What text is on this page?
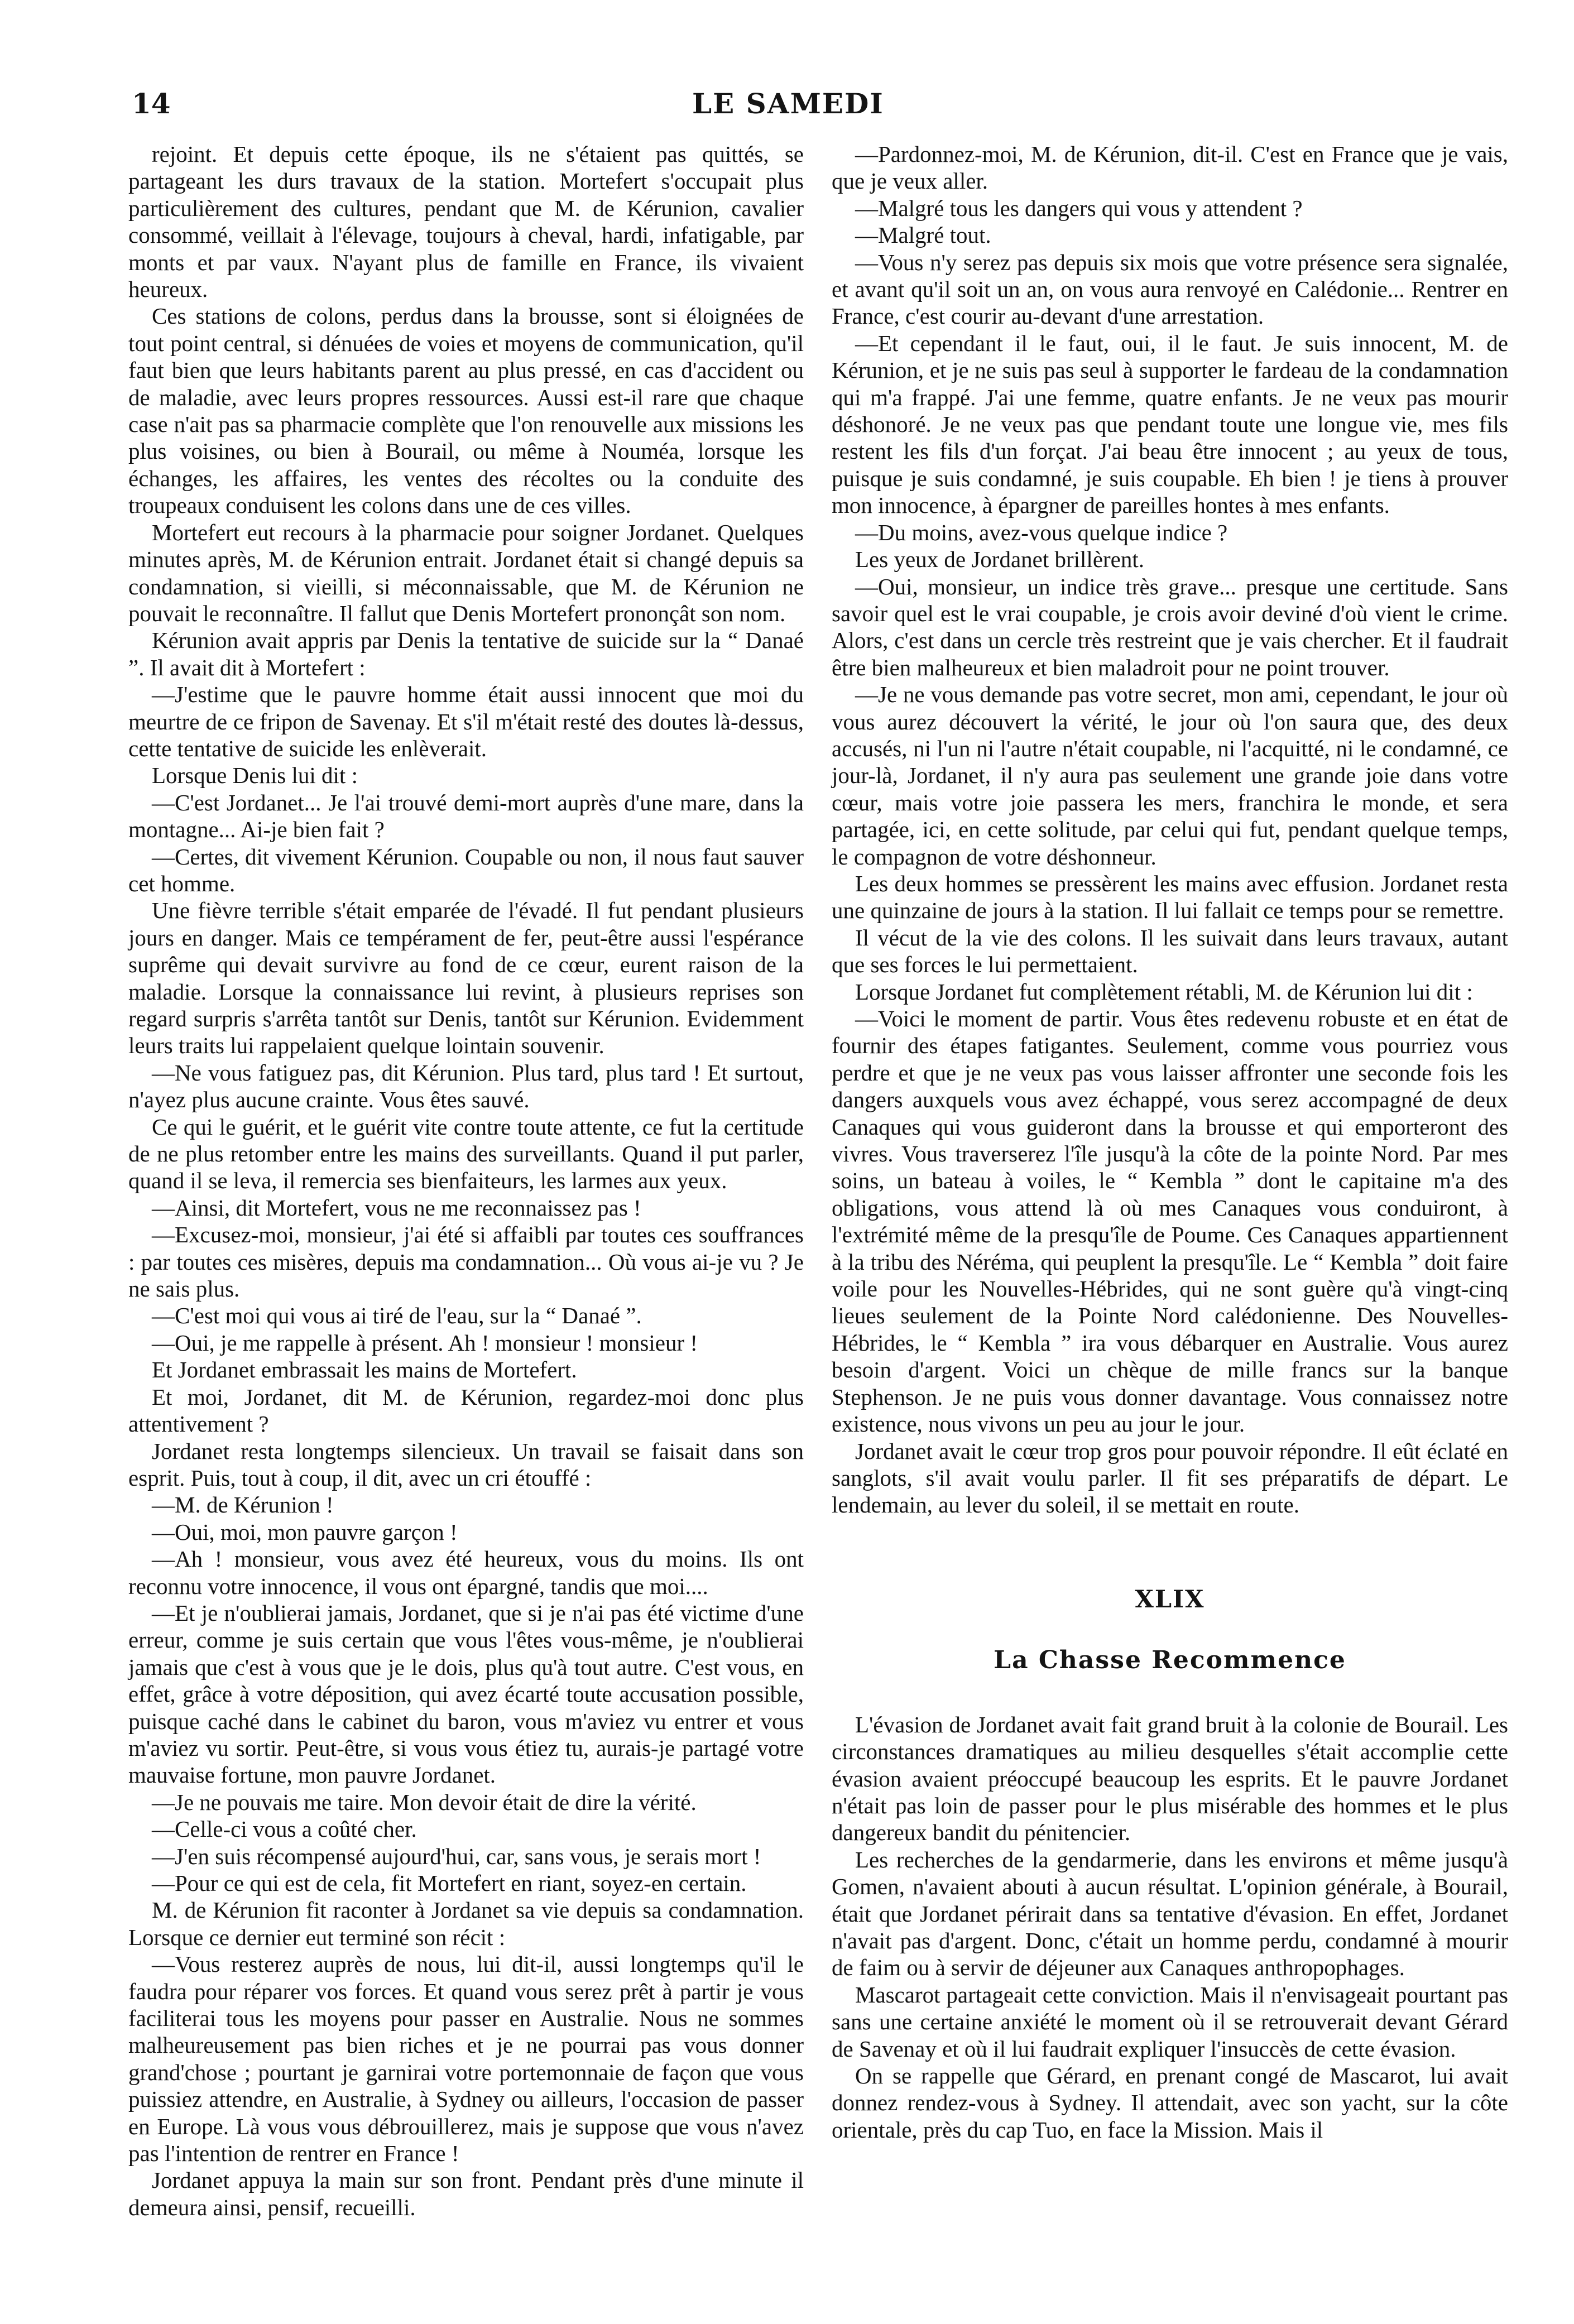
14	LE SAMEDI

rejoint. Et depuis cette époque, ils ne s'étaient pas quittés, se partageant les durs travaux de la station. Mortefert s'occupait plus particulièrement des cultures, pendant que M. de Kérunion, cavalier consommé, veillait à l'élevage, toujours à cheval, hardi, infatigable, par monts et par vaux. N'ayant plus de famille en France, ils vivaient heureux.

Ces stations de colons, perdus dans la brousse, sont si éloignées de tout point central, si dénuées de voies et moyens de communication, qu'il faut bien que leurs habitants parent au plus pressé, en cas d'accident ou de maladie, avec leurs propres ressources. Aussi est-il rare que chaque case n'ait pas sa pharmacie complète que l'on renouvelle aux missions les plus voisines, ou bien à Bourail, ou même à Nouméa, lorsque les échanges, les affaires, les ventes des récoltes ou la conduite des troupeaux conduisent les colons dans une de ces villes.

Mortefert eut recours à la pharmacie pour soigner Jordanet. Quelques minutes après, M. de Kérunion entrait. Jordanet était si changé depuis sa condamnation, si vieilli, si méconnaissable, que M. de Kérunion ne pouvait le reconnaître. Il fallut que Denis Mortefert prononçât son nom.

Kérunion avait appris par Denis la tentative de suicide sur la “ Danaé ”. Il avait dit à Mortefert :

—J'estime que le pauvre homme était aussi innocent que moi du meurtre de ce fripon de Savenay. Et s'il m'était resté des doutes là-dessus, cette tentative de suicide les enlèverait.

Lorsque Denis lui dit :

—C'est Jordanet... Je l'ai trouvé demi-mort auprès d'une mare, dans la montagne... Ai-je bien fait ?

—Certes, dit vivement Kérunion. Coupable ou non, il nous faut sauver cet homme.

Une fièvre terrible s'était emparée de l'évadé. Il fut pendant plusieurs jours en danger. Mais ce tempérament de fer, peut-être aussi l'espérance suprême qui devait survivre au fond de ce cœur, eurent raison de la maladie. Lorsque la connaissance lui revint, à plusieurs reprises son regard surpris s'arrêta tantôt sur Denis, tantôt sur Kérunion. Evidemment leurs traits lui rappelaient quelque lointain souvenir.

—Ne vous fatiguez pas, dit Kérunion. Plus tard, plus tard ! Et surtout, n'ayez plus aucune crainte. Vous êtes sauvé.

Ce qui le guérit, et le guérit vite contre toute attente, ce fut la certitude de ne plus retomber entre les mains des surveillants. Quand il put parler, quand il se leva, il remercia ses bienfaiteurs, les larmes aux yeux.

—Ainsi, dit Mortefert, vous ne me reconnaissez pas !

—Excusez-moi, monsieur, j'ai été si affaibli par toutes ces souffrances : par toutes ces misères, depuis ma condamnation... Où vous ai-je vu ? Je ne sais plus.

—C'est moi qui vous ai tiré de l'eau, sur la “ Danaé ”.

—Oui, je me rappelle à présent. Ah ! monsieur ! monsieur !

Et Jordanet embrassait les mains de Mortefert.

Et moi, Jordanet, dit M. de Kérunion, regardez-moi donc plus attentivement ?

Jordanet resta longtemps silencieux. Un travail se faisait dans son esprit. Puis, tout à coup, il dit, avec un cri étouffé :

—M. de Kérunion !

—Oui, moi, mon pauvre garçon !

—Ah ! monsieur, vous avez été heureux, vous du moins. Ils ont reconnu votre innocence, il vous ont épargné, tandis que moi....

—Et je n'oublierai jamais, Jordanet, que si je n'ai pas été victime d'une erreur, comme je suis certain que vous l'êtes vous-même, je n'oublierai jamais que c'est à vous que je le dois, plus qu'à tout autre. C'est vous, en effet, grâce à votre déposition, qui avez écarté toute accusation possible, puisque caché dans le cabinet du baron, vous m'aviez vu entrer et vous m'aviez vu sortir. Peut-être, si vous vous étiez tu, aurais-je partagé votre mauvaise fortune, mon pauvre Jordanet.

—Je ne pouvais me taire. Mon devoir était de dire la vérité.

—Celle-ci vous a coûté cher.

—J'en suis récompensé aujourd'hui, car, sans vous, je serais mort !

—Pour ce qui est de cela, fit Mortefert en riant, soyez-en certain.

M. de Kérunion fit raconter à Jordanet sa vie depuis sa condamnation. Lorsque ce dernier eut terminé son récit :

—Vous resterez auprès de nous, lui dit-il, aussi longtemps qu'il le faudra pour réparer vos forces. Et quand vous serez prêt à partir je vous faciliterai tous les moyens pour passer en Australie. Nous ne sommes malheureusement pas bien riches et je ne pourrai pas vous donner grand'chose ; pourtant je garnirai votre portemonnaie de façon que vous puissiez attendre, en Australie, à Sydney ou ailleurs, l'occasion de passer en Europe. Là vous vous débrouillerez, mais je suppose que vous n'avez pas l'intention de rentrer en France !

Jordanet appuya la main sur son front. Pendant près d'une minute il demeura ainsi, pensif, recueilli.

—Pardonnez-moi, M. de Kérunion, dit-il. C'est en France que je vais, que je veux aller.

—Malgré tous les dangers qui vous y attendent ?

—Malgré tout.

—Vous n'y serez pas depuis six mois que votre présence sera signalée, et avant qu'il soit un an, on vous aura renvoyé en Calédonie... Rentrer en France, c'est courir au-devant d'une arrestation.

—Et cependant il le faut, oui, il le faut. Je suis innocent, M. de Kérunion, et je ne suis pas seul à supporter le fardeau de la condamnation qui m'a frappé. J'ai une femme, quatre enfants. Je ne veux pas mourir déshonoré. Je ne veux pas que pendant toute une longue vie, mes fils restent les fils d'un forçat. J'ai beau être innocent ; au yeux de tous, puisque je suis condamné, je suis coupable. Eh bien ! je tiens à prouver mon innocence, à épargner de pareilles hontes à mes enfants.

—Du moins, avez-vous quelque indice ?

Les yeux de Jordanet brillèrent.

—Oui, monsieur, un indice très grave... presque une certitude. Sans savoir quel est le vrai coupable, je crois avoir deviné d'où vient le crime. Alors, c'est dans un cercle très restreint que je vais chercher. Et il faudrait être bien malheureux et bien maladroit pour ne point trouver.

—Je ne vous demande pas votre secret, mon ami, cependant, le jour où vous aurez découvert la vérité, le jour où l'on saura que, des deux accusés, ni l'un ni l'autre n'était coupable, ni l'acquitté, ni le condamné, ce jour-là, Jordanet, il n'y aura pas seulement une grande joie dans votre cœur, mais votre joie passera les mers, franchira le monde, et sera partagée, ici, en cette solitude, par celui qui fut, pendant quelque temps, le compagnon de votre déshonneur.

Les deux hommes se pressèrent les mains avec effusion. Jordanet resta une quinzaine de jours à la station. Il lui fallait ce temps pour se remettre.

Il vécut de la vie des colons. Il les suivait dans leurs travaux, autant que ses forces le lui permettaient.

Lorsque Jordanet fut complètement rétabli, M. de Kérunion lui dit :

—Voici le moment de partir. Vous êtes redevenu robuste et en état de fournir des étapes fatigantes. Seulement, comme vous pourriez vous perdre et que je ne veux pas vous laisser affronter une seconde fois les dangers auxquels vous avez échappé, vous serez accompagné de deux Canaques qui vous guideront dans la brousse et qui emporteront des vivres. Vous traverserez l'île jusqu'à la côte de la pointe Nord. Par mes soins, un bateau à voiles, le “ Kembla ” dont le capitaine m'a des obligations, vous attend là où mes Canaques vous conduiront, à l'extrémité même de la presqu'île de Poume. Ces Canaques appartiennent à la tribu des Néréma, qui peuplent la presqu'île. Le “ Kembla ” doit faire voile pour les Nouvelles-Hébrides, qui ne sont guère qu'à vingt-cinq lieues seulement de la Pointe Nord calédonienne. Des Nouvelles-Hébrides, le “ Kembla ” ira vous débarquer en Australie. Vous aurez besoin d'argent. Voici un chèque de mille francs sur la banque Stephenson. Je ne puis vous donner davantage. Vous connaissez notre existence, nous vivons un peu au jour le jour.

Jordanet avait le cœur trop gros pour pouvoir répondre. Il eût éclaté en sanglots, s'il avait voulu parler. Il fit ses préparatifs de départ. Le lendemain, au lever du soleil, il se mettait en route.

XLIX
La Chasse Recommence

L'évasion de Jordanet avait fait grand bruit à la colonie de Bourail. Les circonstances dramatiques au milieu desquelles s'était accomplie cette évasion avaient préoccupé beaucoup les esprits. Et le pauvre Jordanet n'était pas loin de passer pour le plus misérable des hommes et le plus dangereux bandit du pénitencier.

Les recherches de la gendarmerie, dans les environs et même jusqu'à Gomen, n'avaient abouti à aucun résultat. L'opinion générale, à Bourail, était que Jordanet périrait dans sa tentative d'évasion. En effet, Jordanet n'avait pas d'argent. Donc, c'était un homme perdu, condamné à mourir de faim ou à servir de déjeuner aux Canaques anthropophages.

Mascarot partageait cette conviction. Mais il n'envisageait pourtant pas sans une certaine anxiété le moment où il se retrouverait devant Gérard de Savenay et où il lui faudrait expliquer l'insuccès de cette évasion.

On se rappelle que Gérard, en prenant congé de Mascarot, lui avait donnez rendez-vous à Sydney. Il attendait, avec son yacht, sur la côte orientale, près du cap Tuo, en face la Mission. Mais il
